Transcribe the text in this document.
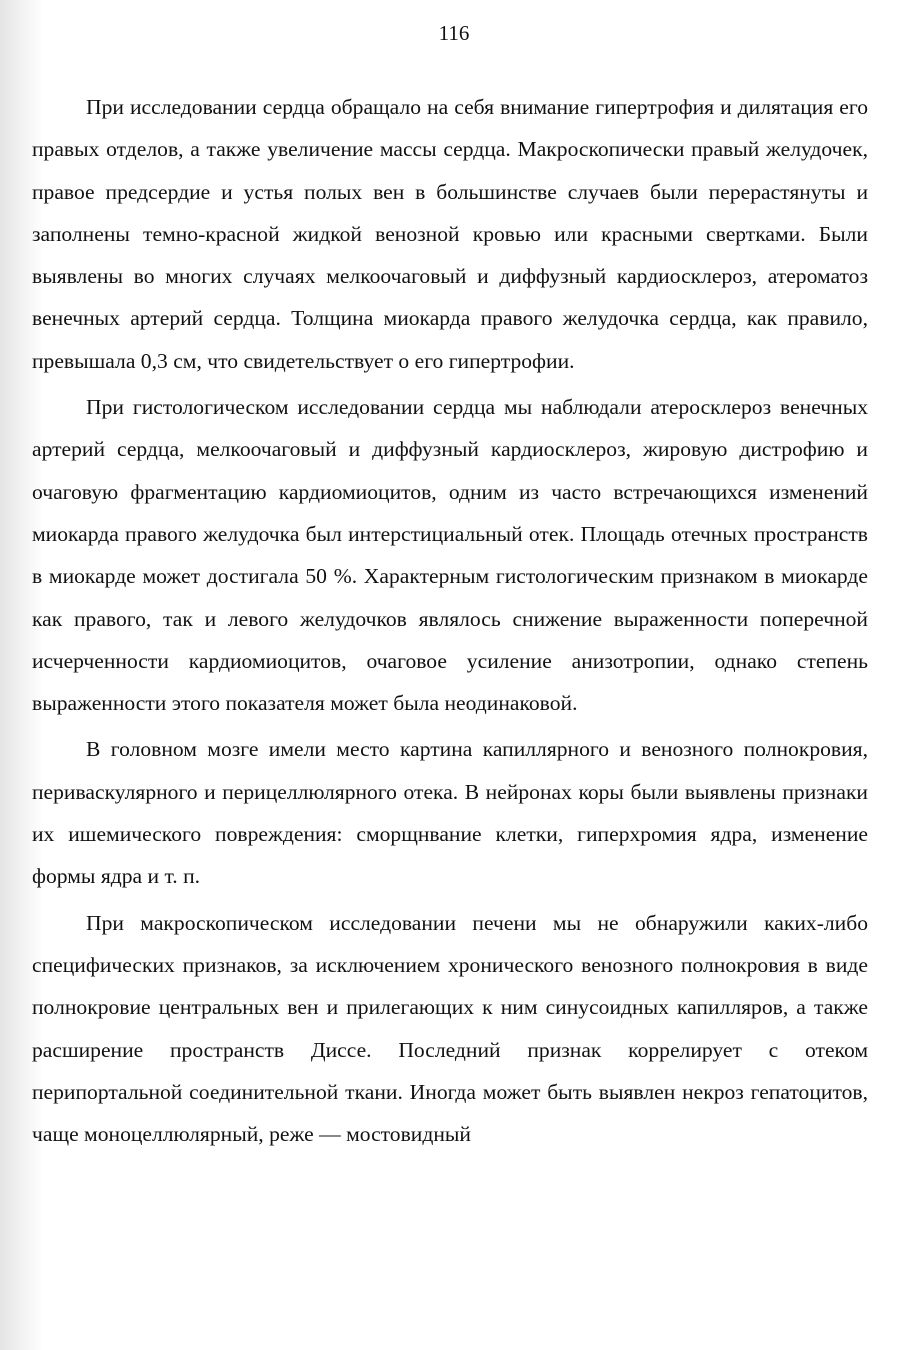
116

При исследовании сердца обращало на себя внимание гипертрофия и дилятация его правых отделов, а также увеличение массы сердца. Макроскопически правый желудочек, правое предсердие и устья полых вен в большинстве случаев были перерастянуты и заполнены темно-красной жидкой венозной кровью или красными свертками. Были выявлены во многих случаях мелкоочаговый и диффузный кардиосклероз, атероматоз венечных артерий сердца. Толщина миокарда правого желудочка сердца, как правило, превышала 0,3 см, что свидетельствует о его гипертрофии.

При гистологическом исследовании сердца мы наблюдали атеросклероз венечных артерий сердца, мелкоочаговый и диффузный кардиосклероз, жировую дистрофию и очаговую фрагментацию кардиомиоцитов, одним из часто встречающихся изменений миокарда правого желудочка был интерстициальный отек. Площадь отечных пространств в миокарде может достигала 50 %. Характерным гистологическим признаком в миокарде как правого, так и левого желудочков являлось снижение выраженности поперечной исчерченности кардиомиоцитов, очаговое усиление анизотропии, однако степень выраженности этого показателя может была неодинаковой.

В головном мозге имели место картина капиллярного и венозного полнокровия, периваскулярного и перицеллюлярного отека. В нейронах коры были выявлены признаки их ишемического повреждения: сморщнвание клетки, гиперхромия ядра, изменение формы ядра и т. п.

При макроскопическом исследовании печени мы не обнаружили каких-либо специфических признаков, за исключением хронического венозного полнокровия в виде полнокровие центральных вен и прилегающих к ним синусоидных капилляров, а также расширение пространств Диссе. Последний признак коррелирует с отеком перипортальной соединительной ткани. Иногда может быть выявлен некроз гепатоцитов, чаще моноцеллюлярный, реже — мостовидный
